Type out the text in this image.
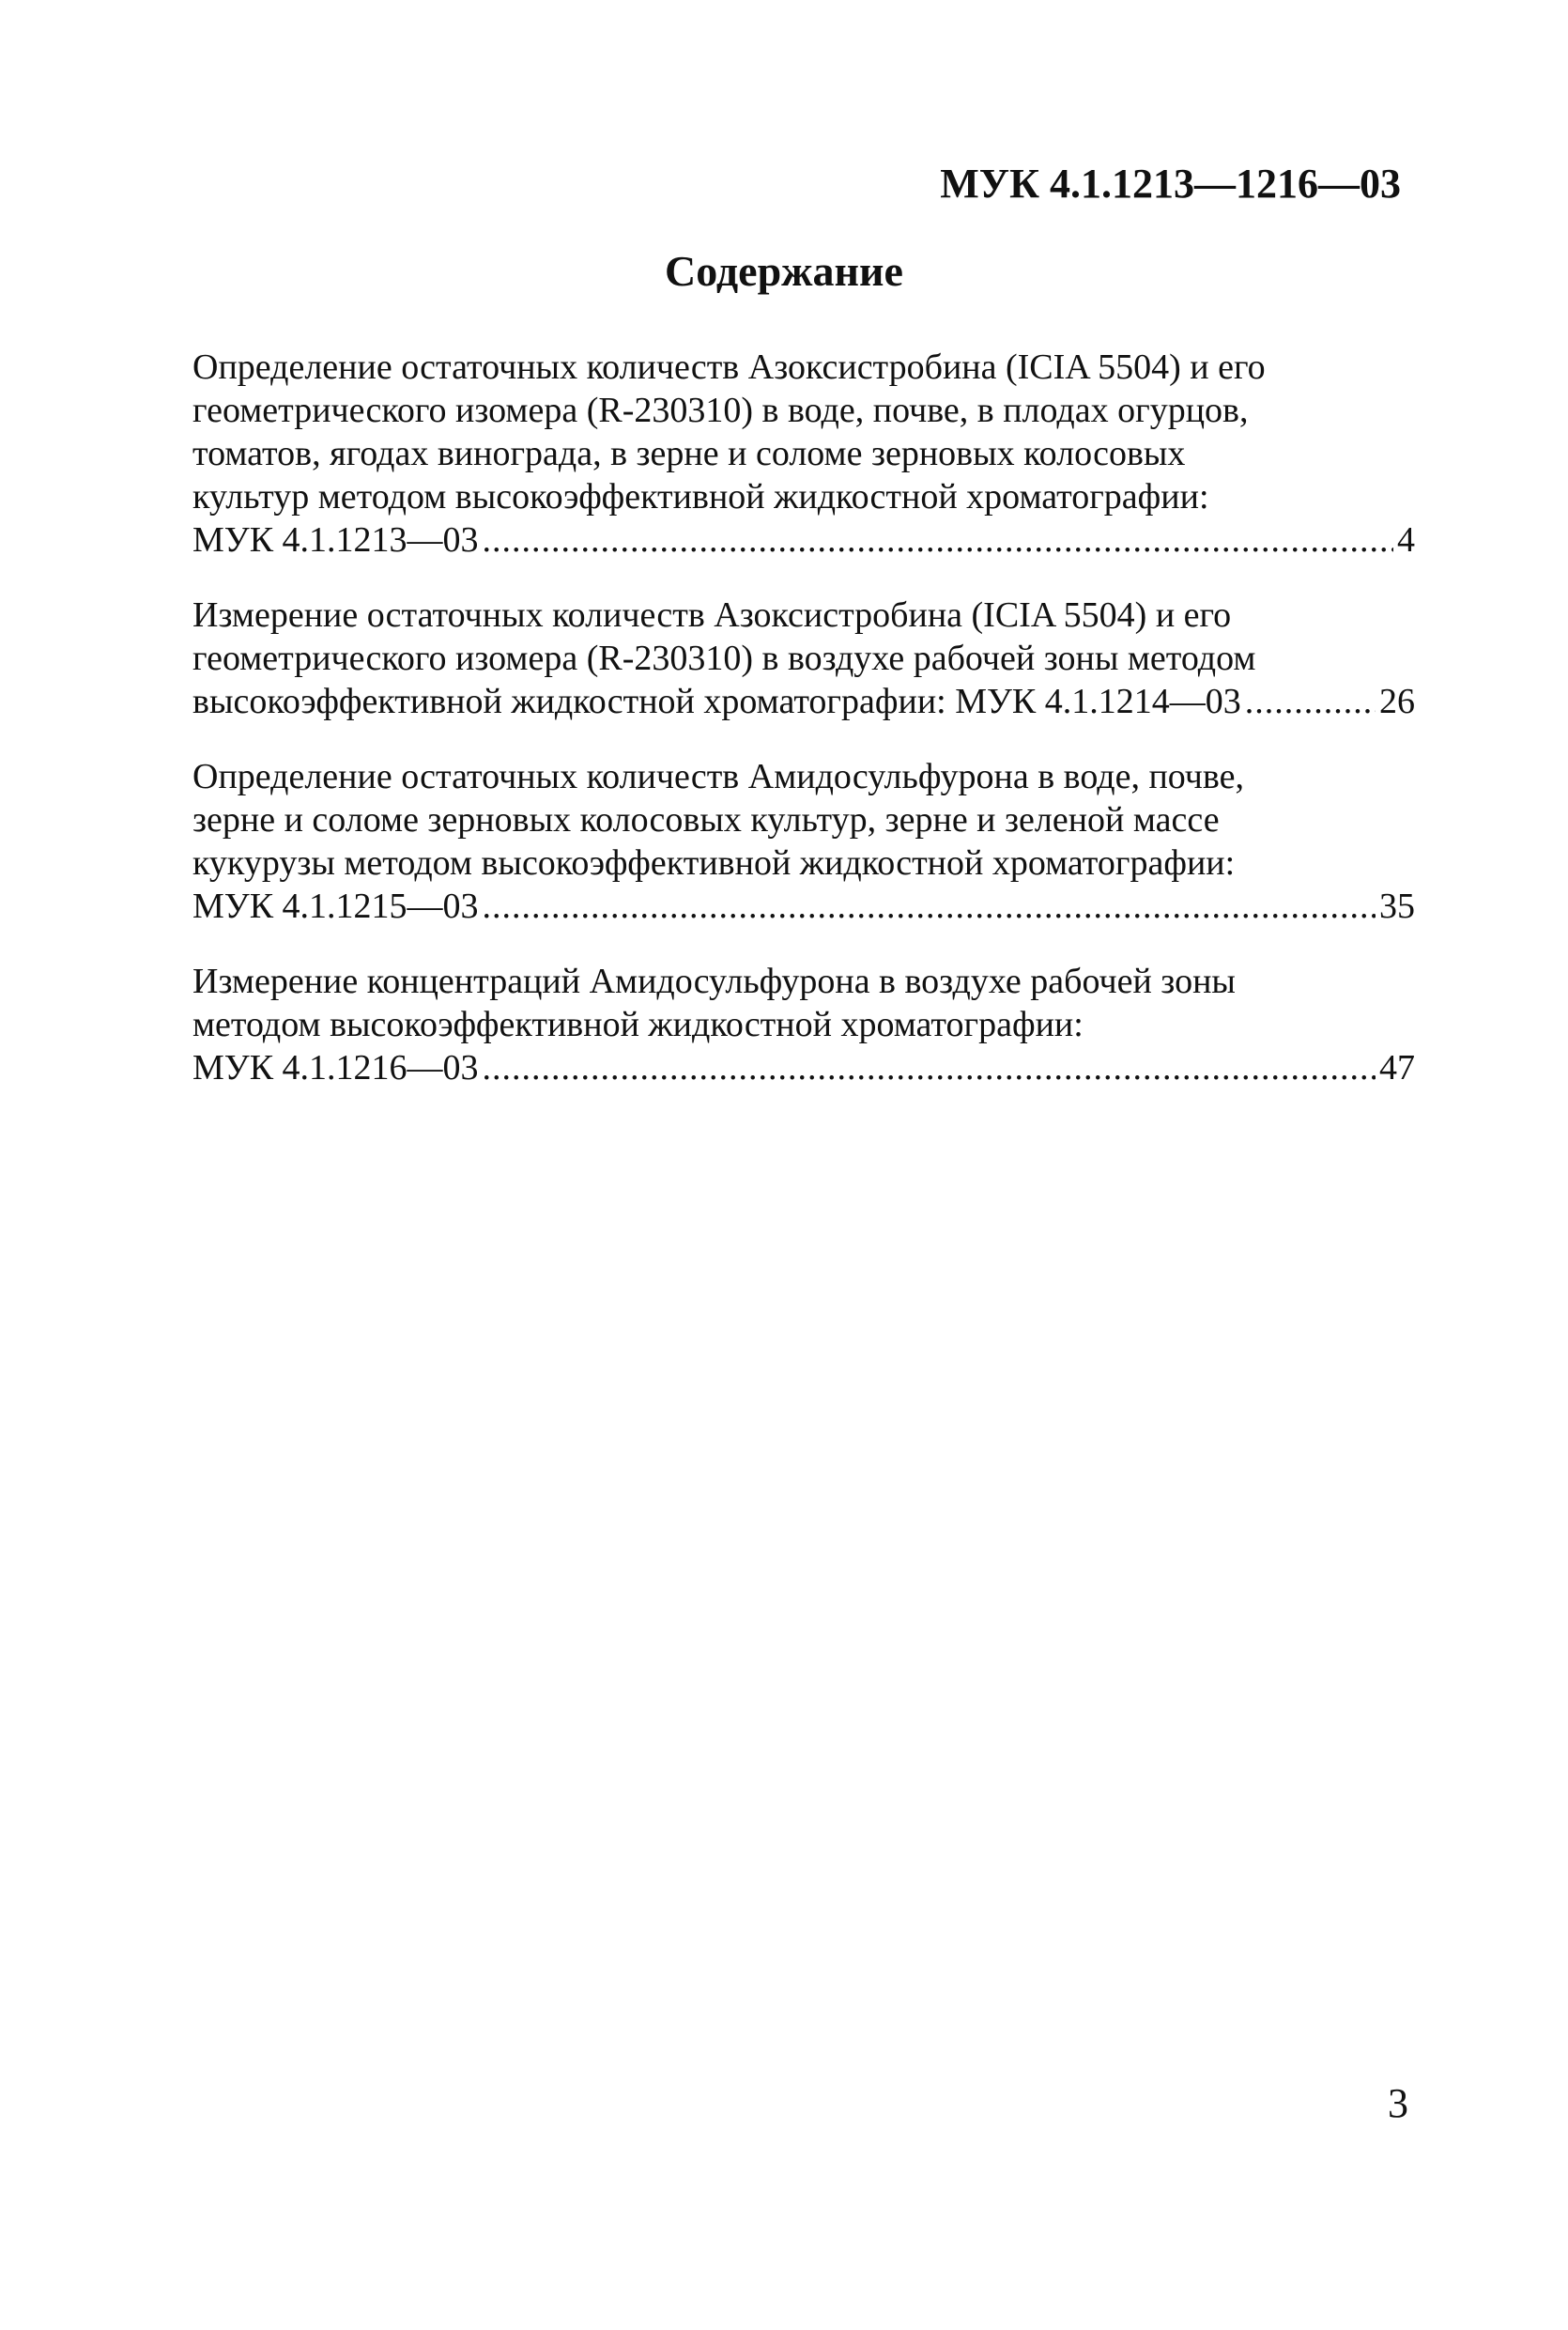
МУК 4.1.1213—1216—03
Содержание
Определение остаточных количеств Азоксистробина (ICIA 5504) и его
геометрического изомера (R-230310) в воде, почве, в плодах огурцов,
томатов, ягодах винограда, в зерне и соломе зерновых колосовых
культур методом высокоэффективной жидкостной хроматографии:
МУК 4.1.1213—03 .....	4
Измерение остаточных количеств Азоксистробина (ICIA 5504) и его
геометрического изомера (R-230310) в воздухе рабочей зоны методом
высокоэффективной жидкостной хроматографии: МУК 4.1.1214—03 .....	26
Определение остаточных количеств Амидосульфурона в воде, почве,
зерне и соломе зерновых колосовых культур, зерне и зеленой массе
кукурузы методом высокоэффективной жидкостной хроматографии:
МУК 4.1.1215—03 .....	35
Измерение концентраций Амидосульфурона в воздухе рабочей зоны
методом высокоэффективной жидкостной хроматографии:
МУК 4.1.1216—03 .....	47
3
